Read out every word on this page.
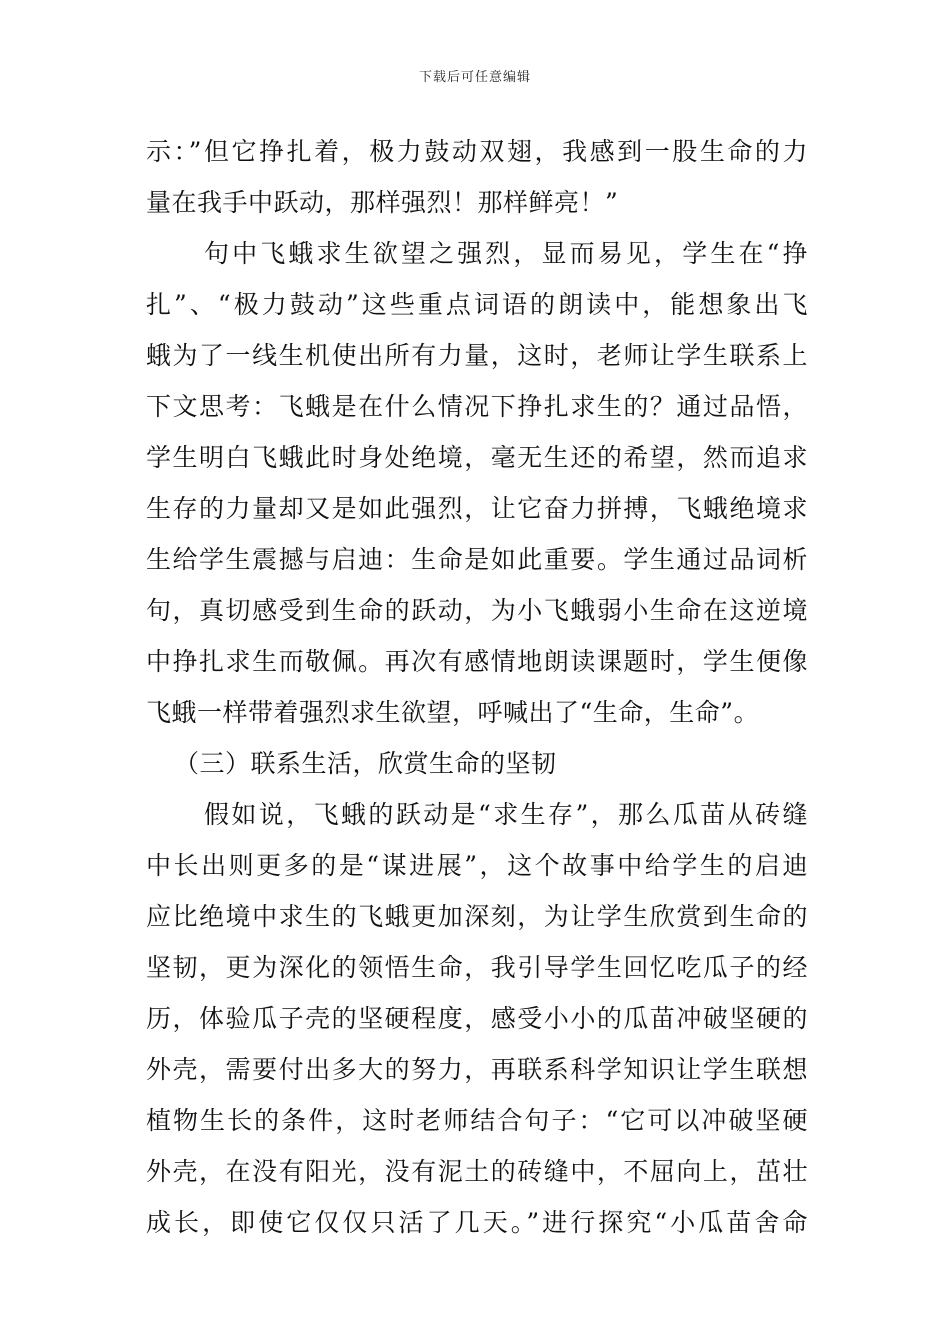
下载后可任意编辑
示：”但它挣扎着，极力鼓动双翅，我感到一股生命的力
量在我手中跃动，那样强烈！那样鲜亮！”
句中飞蛾求生欲望之强烈，显而易见，学生在“挣
扎”、“极力鼓动”这些重点词语的朗读中，能想象出飞
蛾为了一线生机使出所有力量，这时，老师让学生联系上
下文思考：飞蛾是在什么情况下挣扎求生的？通过品悟，
学生明白飞蛾此时身处绝境，毫无生还的希望，然而追求
生存的力量却又是如此强烈，让它奋力拼搏，飞蛾绝境求
生给学生震撼与启迪：生命是如此重要。学生通过品词析
句，真切感受到生命的跃动，为小飞蛾弱小生命在这逆境
中挣扎求生而敬佩。再次有感情地朗读课题时，学生便像
飞蛾一样带着强烈求生欲望，呼喊出了“生命，生命”。
（三）联系生活，欣赏生命的坚韧
假如说，飞蛾的跃动是“求生存”，那么瓜苗从砖缝
中长出则更多的是“谋进展”，这个故事中给学生的启迪
应比绝境中求生的飞蛾更加深刻，为让学生欣赏到生命的
坚韧，更为深化的领悟生命，我引导学生回忆吃瓜子的经
历，体验瓜子壳的坚硬程度，感受小小的瓜苗冲破坚硬的
外壳，需要付出多大的努力，再联系科学知识让学生联想
植物生长的条件，这时老师结合句子：“它可以冲破坚硬
外壳，在没有阳光，没有泥土的砖缝中，不屈向上，茁壮
成长，即使它仅仅只活了几天。”进行探究“小瓜苗舍命
